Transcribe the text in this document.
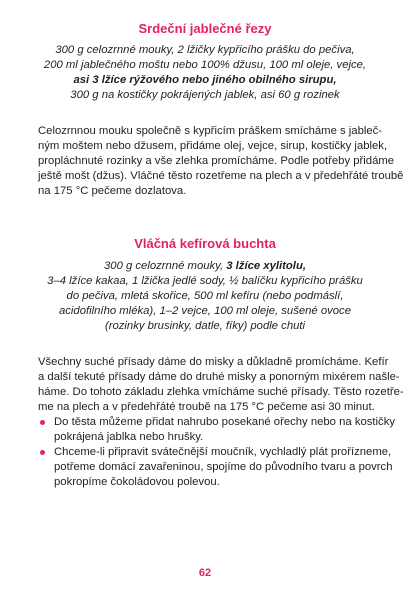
Srdeční jablečné řezy
300 g celozrnné mouky, 2 lžičky kypřicího prášku do pečiva,
200 ml jablečného moštu nebo 100% džusu, 100 ml oleje, vejce,
asi 3 lžíce rýžového nebo jiného obilného sirupu,
300 g na kostičky pokrájených jablek, asi 60 g rozinek
Celozrnnou mouku společně s kypřicím práškem smícháme s jableč-
ným moštem nebo džusem, přidáme olej, vejce, sirup, kostičky jablek,
propláchnuté rozinky a vše zlehka promícháme. Podle potřeby přidáme
ještě mošt (džus). Vláčné těsto rozetřeme na plech a v předehřáté troubě
na 175 °C pečeme dozlatova.
Vláčná kefírová buchta
300 g celozrnné mouky, 3 lžíce xylitolu,
3–4 lžíce kakaa, 1 lžička jedlé sody, ½ balíčku kypřicího prášku
do pečiva, mletá skořice, 500 ml kefíru (nebo podmáslí,
acidofilního mléka), 1–2 vejce, 100 ml oleje, sušené ovoce
(rozinky brusinky, datle, fíky) podle chuti
Všechny suché přísady dáme do misky a důkladně promícháme. Kefír
a další tekuté přísady dáme do druhé misky a ponorným mixérem našle-
háme. Do tohoto základu zlehka vmícháme suché přísady. Těsto rozetře-
me na plech a v předehřáté troubě na 175 °C pečeme asi 30 minut.
Do těsta můžeme přidat nahrubo posekané ořechy nebo na kostičky
pokrájená jablka nebo hrušky.
Chceme-li připravit svátečnější moučník, vychladlý plát prořízneme,
potřeme domácí zavařeninou, spojíme do původního tvaru a povrch
pokropíme čokoládovou polevou.
62
